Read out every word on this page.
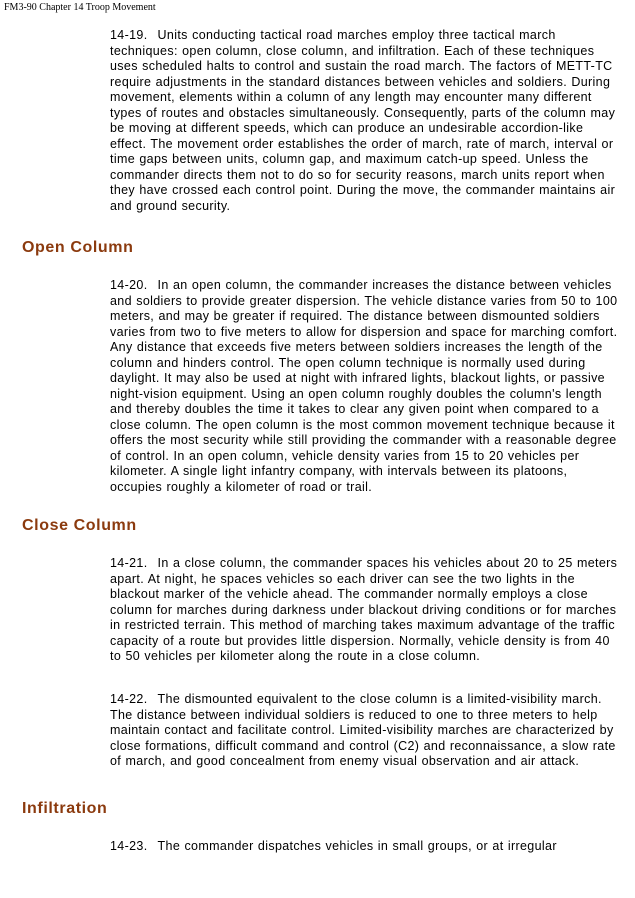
FM3-90 Chapter 14 Troop Movement

14-19. Units conducting tactical road marches employ three tactical march techniques: open column, close column, and infiltration. Each of these techniques uses scheduled halts to control and sustain the road march. The factors of METT-TC require adjustments in the standard distances between vehicles and soldiers. During movement, elements within a column of any length may encounter many different types of routes and obstacles simultaneously. Consequently, parts of the column may be moving at different speeds, which can produce an undesirable accordion-like effect. The movement order establishes the order of march, rate of march, interval or time gaps between units, column gap, and maximum catch-up speed. Unless the commander directs them not to do so for security reasons, march units report when they have crossed each control point. During the move, the commander maintains air and ground security.

Open Column

14-20. In an open column, the commander increases the distance between vehicles and soldiers to provide greater dispersion. The vehicle distance varies from 50 to 100 meters, and may be greater if required. The distance between dismounted soldiers varies from two to five meters to allow for dispersion and space for marching comfort. Any distance that exceeds five meters between soldiers increases the length of the column and hinders control. The open column technique is normally used during daylight. It may also be used at night with infrared lights, blackout lights, or passive night-vision equipment. Using an open column roughly doubles the column's length and thereby doubles the time it takes to clear any given point when compared to a close column. The open column is the most common movement technique because it offers the most security while still providing the commander with a reasonable degree of control. In an open column, vehicle density varies from 15 to 20 vehicles per kilometer. A single light infantry company, with intervals between its platoons, occupies roughly a kilometer of road or trail.

Close Column

14-21. In a close column, the commander spaces his vehicles about 20 to 25 meters apart. At night, he spaces vehicles so each driver can see the two lights in the blackout marker of the vehicle ahead. The commander normally employs a close column for marches during darkness under blackout driving conditions or for marches in restricted terrain. This method of marching takes maximum advantage of the traffic capacity of a route but provides little dispersion. Normally, vehicle density is from 40 to 50 vehicles per kilometer along the route in a close column.

14-22. The dismounted equivalent to the close column is a limited-visibility march. The distance between individual soldiers is reduced to one to three meters to help maintain contact and facilitate control. Limited-visibility marches are characterized by close formations, difficult command and control (C2) and reconnaissance, a slow rate of march, and good concealment from enemy visual observation and air attack.

Infiltration

14-23. The commander dispatches vehicles in small groups, or at irregular
